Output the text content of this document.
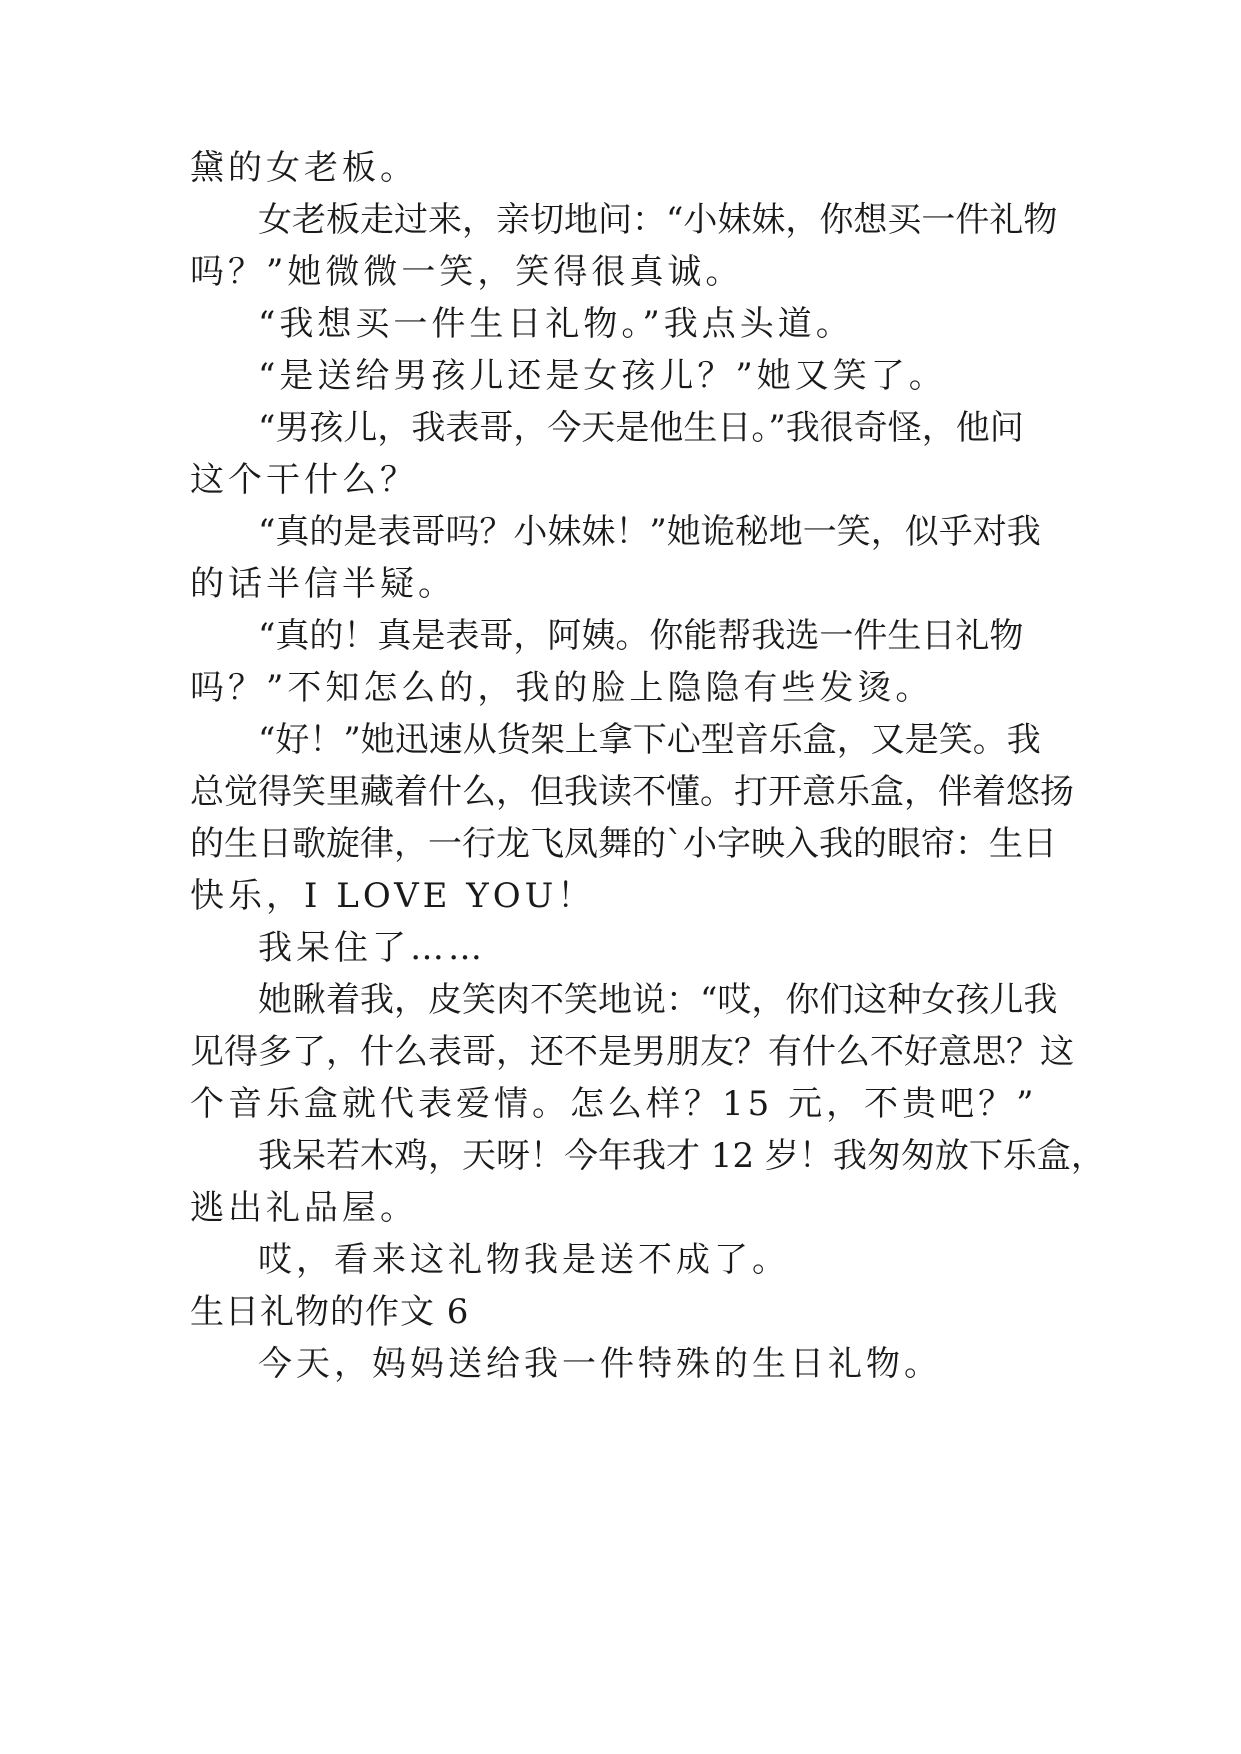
黛的女老板。
女老板走过来，亲切地问：“小妹妹，你想买一件礼物
吗？”她微微一笑，笑得很真诚。
“我想买一件生日礼物。”我点头道。
“是送给男孩儿还是女孩儿？”她又笑了。
“男孩儿，我表哥，今天是他生日。”我很奇怪，他问
这个干什么？
“真的是表哥吗？小妹妹！”她诡秘地一笑，似乎对我
的话半信半疑。
“真的！真是表哥，阿姨。你能帮我选一件生日礼物
吗？”不知怎么的，我的脸上隐隐有些发烫。
“好！”她迅速从货架上拿下心型音乐盒，又是笑。我
总觉得笑里藏着什么，但我读不懂。打开意乐盒，伴着悠扬
的生日歌旋律，一行龙飞凤舞的`小字映入我的眼帘：生日
快乐，I LOVE YOU！
我呆住了……
她瞅着我，皮笑肉不笑地说：“哎，你们这种女孩儿我
见得多了，什么表哥，还不是男朋友？有什么不好意思？这
个音乐盒就代表爱情。怎么样？15 元，不贵吧？”
我呆若木鸡，天呀！今年我才 12 岁！我匆匆放下乐盒，
逃出礼品屋。
哎，看来这礼物我是送不成了。
生日礼物的作文 6
今天，妈妈送给我一件特殊的生日礼物。
